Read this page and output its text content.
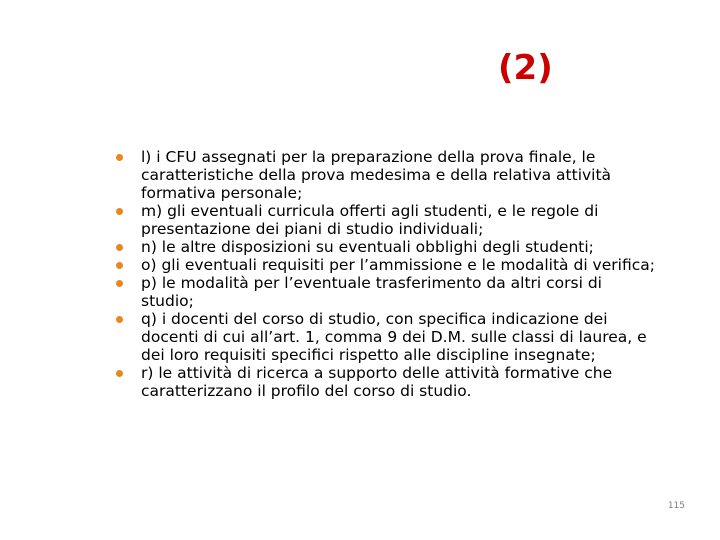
(2)
l) i CFU assegnati per la preparazione della prova finale, le caratteristiche della prova medesima e della relativa attività formativa personale;
m) gli eventuali curricula offerti agli studenti, e le regole di presentazione dei piani di studio individuali;
n) le altre disposizioni su eventuali obblighi degli studenti;
o) gli eventuali requisiti per l’ammissione e le modalità di verifica;
p) le modalità per l’eventuale trasferimento da altri corsi di studio;
q) i docenti del corso di studio, con specifica indicazione dei docenti di cui all’art. 1, comma 9 dei D.M. sulle classi di laurea, e dei loro requisiti specifici rispetto alle discipline insegnate;
r) le attività di ricerca a supporto delle attività formative che caratterizzano il profilo del corso di studio.
115
